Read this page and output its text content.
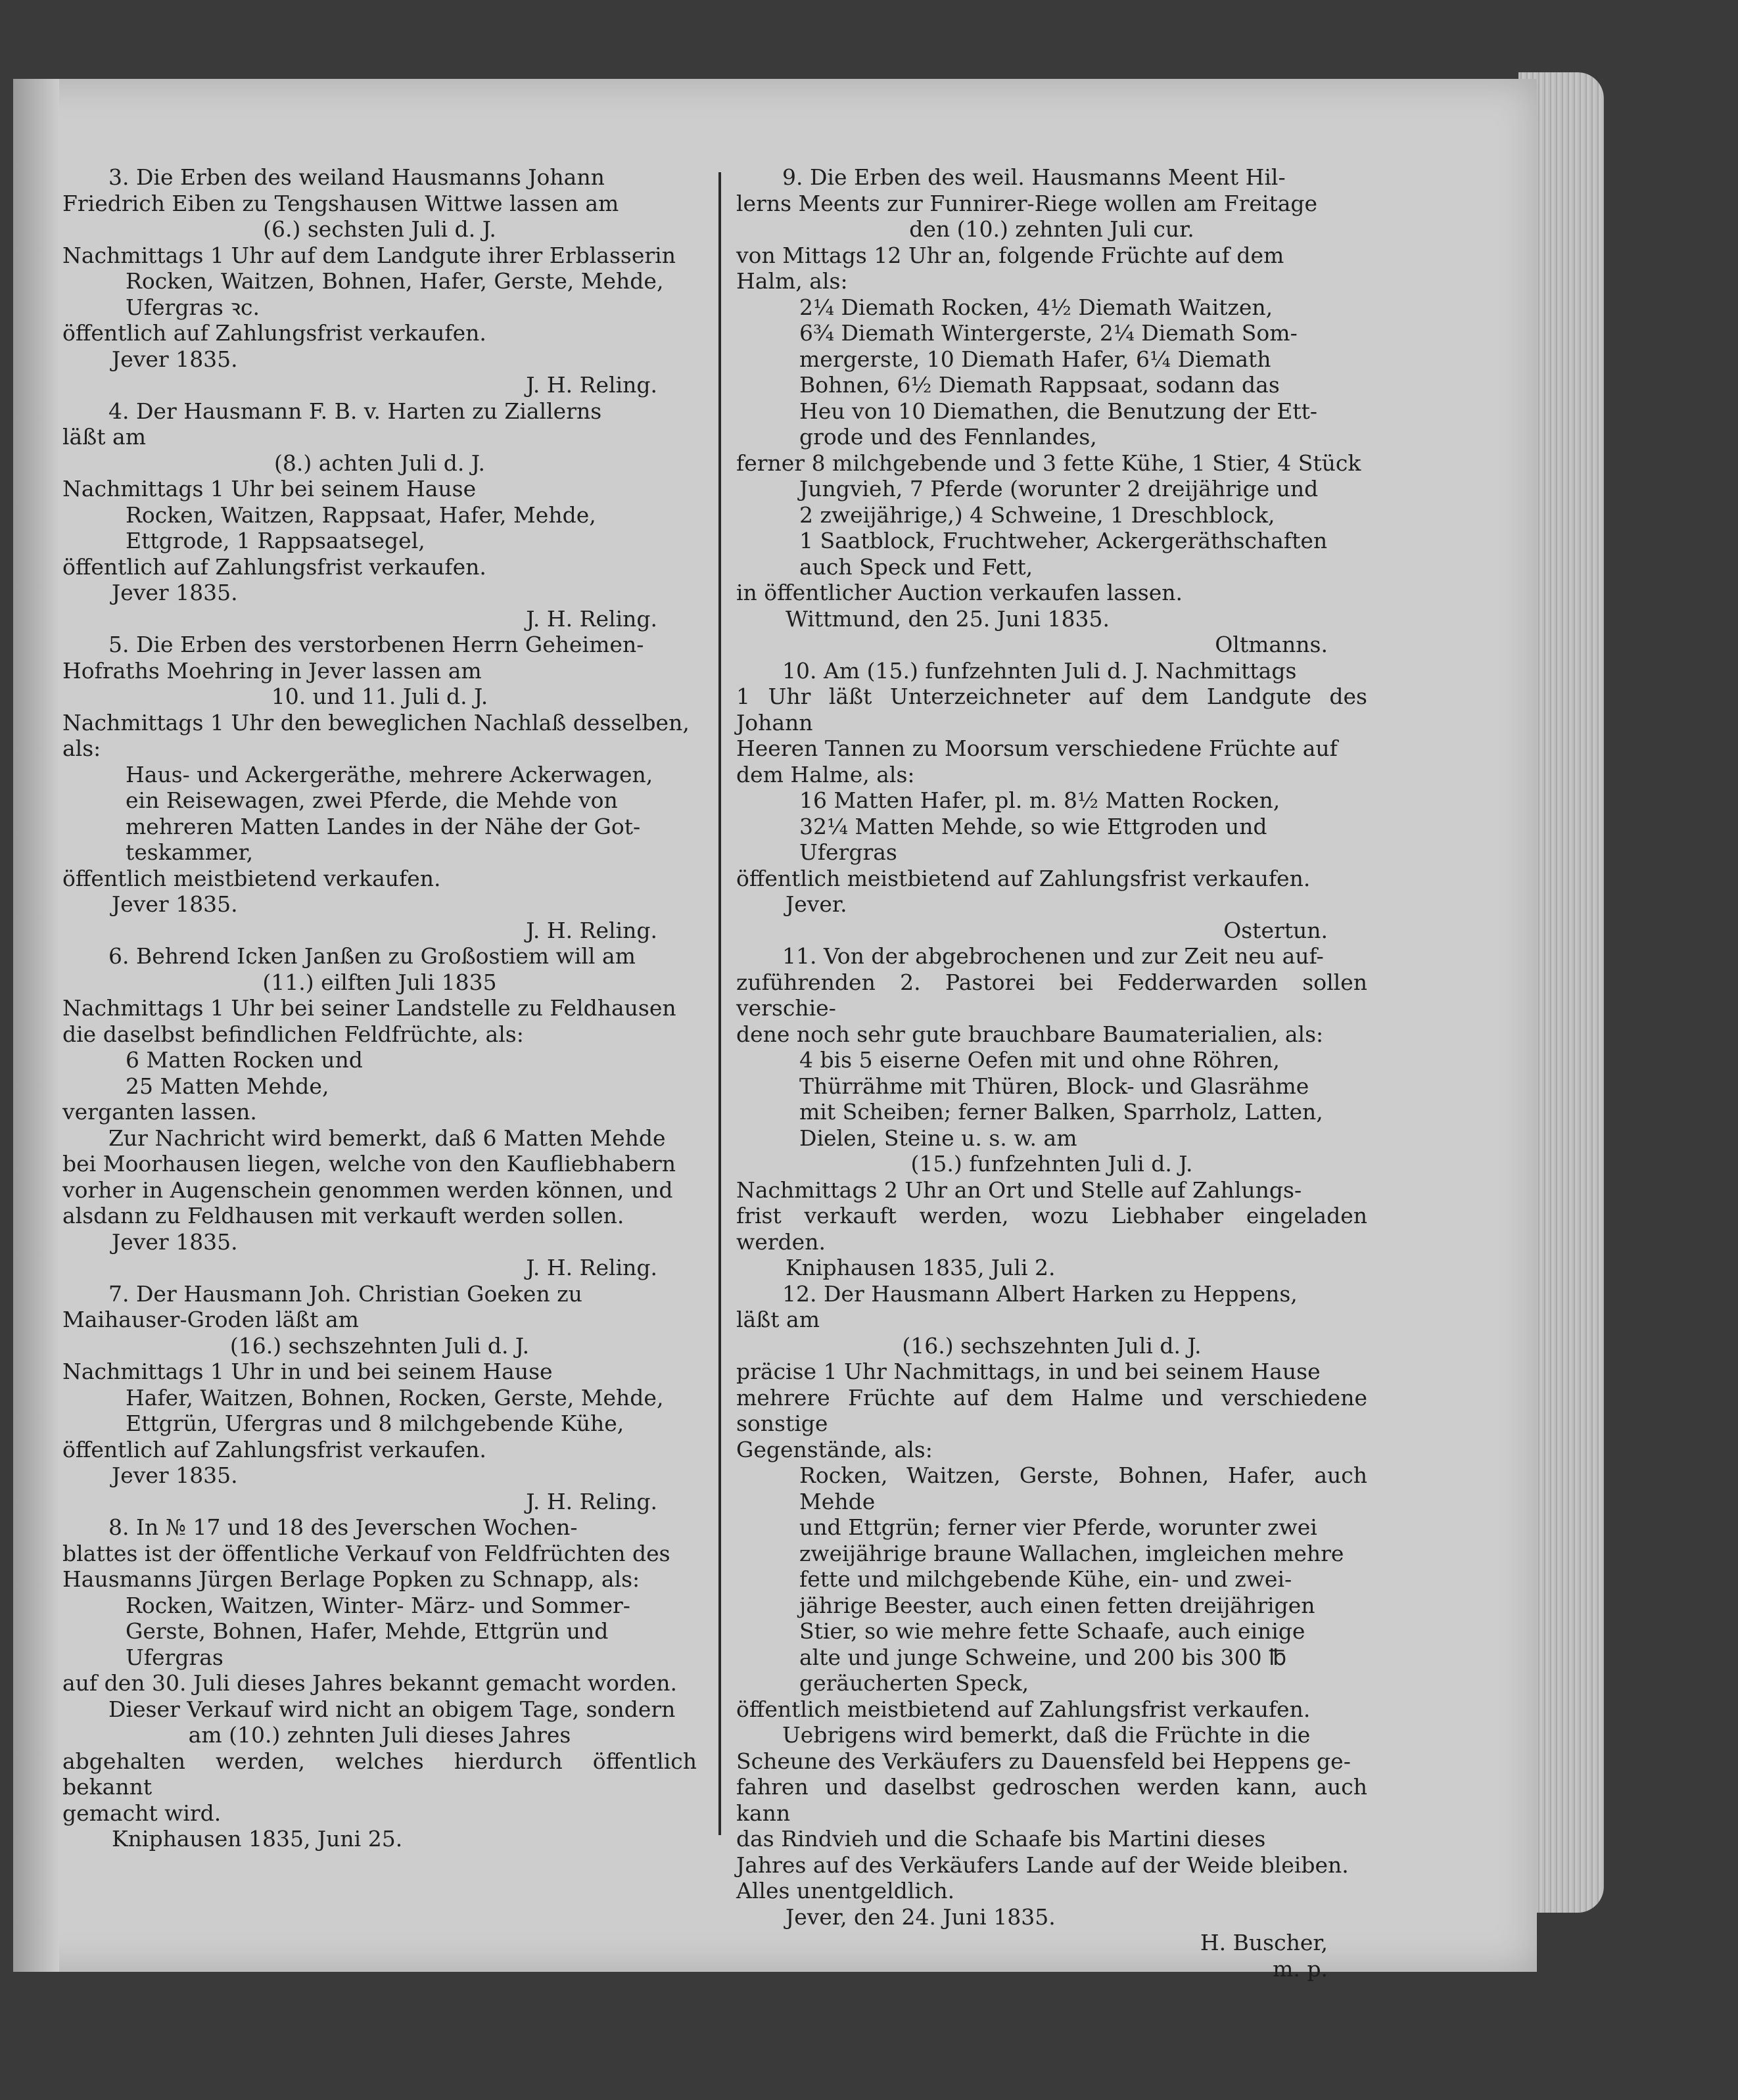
3. Die Erben des weiland Hausmanns Johann

Friedrich Eiben zu Tengshausen Wittwe lassen am

(6.) sechsten Juli d. J.

Nachmittags 1 Uhr auf dem Landgute ihrer Erblasserin

Rocken, Waitzen, Bohnen, Hafer, Gerste, Mehde,

Ufergras ꝛc.

öffentlich auf Zahlungsfrist verkaufen.

Jever 1835.

J. H. Reling.

4. Der Hausmann F. B. v. Harten zu Ziallerns

läßt am

(8.) achten Juli d. J.

Nachmittags 1 Uhr bei seinem Hause

Rocken, Waitzen, Rappsaat, Hafer, Mehde,

Ettgrode, 1 Rappsaatsegel,

öffentlich auf Zahlungsfrist verkaufen.

Jever 1835.

J. H. Reling.

5. Die Erben des verstorbenen Herrn Geheimen-

Hofraths Moehring in Jever lassen am

10. und 11. Juli d. J.

Nachmittags 1 Uhr den beweglichen Nachlaß desselben,

als:

Haus- und Ackergeräthe, mehrere Ackerwagen,

ein Reisewagen, zwei Pferde, die Mehde von

mehreren Matten Landes in der Nähe der Got-

teskammer,

öffentlich meistbietend verkaufen.

Jever 1835.

J. H. Reling.

6. Behrend Icken Janßen zu Großostiem will am

(11.) eilften Juli 1835

Nachmittags 1 Uhr bei seiner Landstelle zu Feldhausen

die daselbst befindlichen Feldfrüchte, als:

6 Matten Rocken und

25 Matten Mehde,

verganten lassen.

Zur Nachricht wird bemerkt, daß 6 Matten Mehde

bei Moorhausen liegen, welche von den Kaufliebhabern

vorher in Augenschein genommen werden können, und

alsdann zu Feldhausen mit verkauft werden sollen.

Jever 1835.

J. H. Reling.

7. Der Hausmann Joh. Christian Goeken zu

Maihauser-Groden läßt am

(16.) sechszehnten Juli d. J.

Nachmittags 1 Uhr in und bei seinem Hause

Hafer, Waitzen, Bohnen, Rocken, Gerste, Mehde,

Ettgrün, Ufergras und 8 milchgebende Kühe,

öffentlich auf Zahlungsfrist verkaufen.

Jever 1835.

J. H. Reling.

8. In № 17 und 18 des Jeverschen Wochen-

blattes ist der öffentliche Verkauf von Feldfrüchten des

Hausmanns Jürgen Berlage Popken zu Schnapp, als:

Rocken, Waitzen, Winter- März- und Sommer-

Gerste, Bohnen, Hafer, Mehde, Ettgrün und

Ufergras

auf den 30. Juli dieses Jahres bekannt gemacht worden.

Dieser Verkauf wird nicht an obigem Tage, sondern

am (10.) zehnten Juli dieses Jahres

abgehalten werden, welches hierdurch öffentlich bekannt

gemacht wird.

Kniphausen 1835, Juni 25.

9. Die Erben des weil. Hausmanns Meent Hil-

lerns Meents zur Funnirer-Riege wollen am Freitage

den (10.) zehnten Juli cur.

von Mittags 12 Uhr an, folgende Früchte auf dem

Halm, als:

2¼ Diemath Rocken, 4½ Diemath Waitzen,

6¾ Diemath Wintergerste, 2¼ Diemath Som-

mergerste, 10 Diemath Hafer, 6¼ Diemath

Bohnen, 6½ Diemath Rappsaat, sodann das

Heu von 10 Diemathen, die Benutzung der Ett-

grode und des Fennlandes,

ferner 8 milchgebende und 3 fette Kühe, 1 Stier, 4 Stück

Jungvieh, 7 Pferde (worunter 2 dreijährige und

2 zweijährige,) 4 Schweine, 1 Dreschblock,

1 Saatblock, Fruchtweher, Ackergeräthschaften

auch Speck und Fett,

in öffentlicher Auction verkaufen lassen.

Wittmund, den 25. Juni 1835.

Oltmanns.

10. Am (15.) funfzehnten Juli d. J. Nachmittags

1 Uhr läßt Unterzeichneter auf dem Landgute des Johann

Heeren Tannen zu Moorsum verschiedene Früchte auf

dem Halme, als:

16 Matten Hafer, pl. m. 8½ Matten Rocken,

32¼ Matten Mehde, so wie Ettgroden und

Ufergras

öffentlich meistbietend auf Zahlungsfrist verkaufen.

Jever.

Ostertun.

11. Von der abgebrochenen und zur Zeit neu auf-

zuführenden 2. Pastorei bei Fedderwarden sollen verschie-

dene noch sehr gute brauchbare Baumaterialien, als:

4 bis 5 eiserne Oefen mit und ohne Röhren,

Thürrähme mit Thüren, Block- und Glasrähme

mit Scheiben; ferner Balken, Sparrholz, Latten,

Dielen, Steine u. s. w. am

(15.) funfzehnten Juli d. J.

Nachmittags 2 Uhr an Ort und Stelle auf Zahlungs-

frist verkauft werden, wozu Liebhaber eingeladen werden.

Kniphausen 1835, Juli 2.

12. Der Hausmann Albert Harken zu Heppens,

läßt am

(16.) sechszehnten Juli d. J.

präcise 1 Uhr Nachmittags, in und bei seinem Hause

mehrere Früchte auf dem Halme und verschiedene sonstige

Gegenstände, als:

Rocken, Waitzen, Gerste, Bohnen, Hafer, auch Mehde

und Ettgrün; ferner vier Pferde, worunter zwei

zweijährige braune Wallachen, imgleichen mehre

fette und milchgebende Kühe, ein- und zwei-

jährige Beester, auch einen fetten dreijährigen

Stier, so wie mehre fette Schaafe, auch einige

alte und junge Schweine, und 200 bis 300 ℔

geräucherten Speck,

öffentlich meistbietend auf Zahlungsfrist verkaufen.

Uebrigens wird bemerkt, daß die Früchte in die

Scheune des Verkäufers zu Dauensfeld bei Heppens ge-

fahren und daselbst gedroschen werden kann, auch kann

das Rindvieh und die Schaafe bis Martini dieses

Jahres auf des Verkäufers Lande auf der Weide bleiben.

Alles unentgeldlich.

Jever, den 24. Juni 1835.

H. Buscher,

m. p.
